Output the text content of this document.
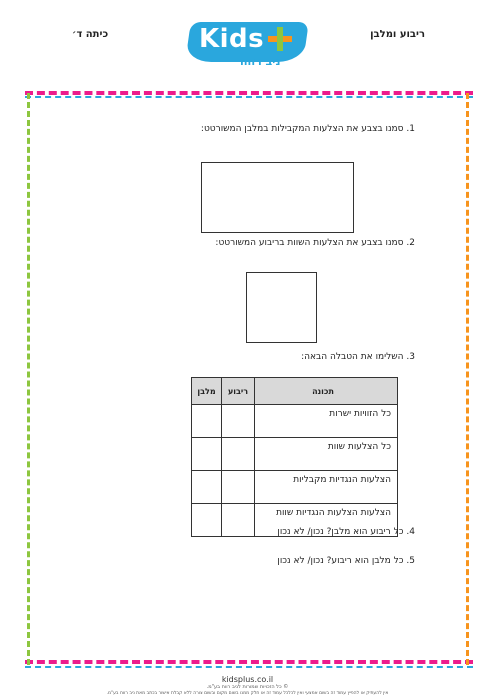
ריבוע ומלבן
כיתה ד׳	Kids
ניב רווח
1. סמנו בצבע את הצלעות המקבילות במלבן המשורטט:
2. סמנו בצבע את הצלעות השוות בריבוע המשורטט:
3. השלימו את הטבלה הבאה:
תכונה	ריבוע	מלבן
כל הזוויות ישרות		
כל הצלעות שוות		
הצלעות הנגדיות מקבליות		
הצלעות הצלעות הנגדיות שוות		
4. כל ריבוע הוא מלבן? נכון/ לא נכון
5. כל מלבן הוא ריבוע? נכון/ לא נכון
kidsplus.co.il
© כל הזכויות שמורות לניב רווח בע"מ.
אין להעתיק או להפיץ עמוד זה בשום אמצעי ואין לכלכל עמוד זה או חלק ממנו בשום מקום ובשום צורה ללא קבלת אישור בכתב מאת ניב רווח בע"מ.
